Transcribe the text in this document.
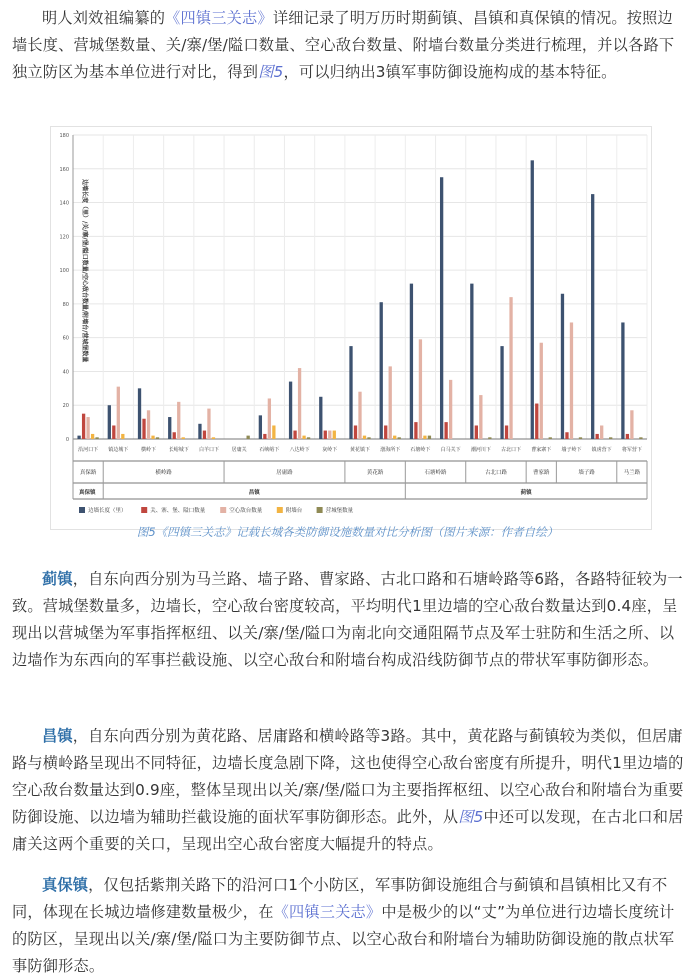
明人刘效祖编纂的《四镇三关志》详细记录了明万历时期蓟镇、昌镇和真保镇的情况。按照边墙长度、营城堡数量、关/寨/堡/隘口数量、空心敌台数量、附墙台数量分类进行梳理，并以各路下独立防区为基本单位进行对比，得到图5，可以归纳出3镇军事防御设施构成的基本特征。

0
20
40
60
80
100
120
140
160
180
边墙长度（里）/关/寨/堡/隘口数量/空心敌台数量/附墙台/营城堡数量
沿河口下 镇边城下	横岭下	长峪城下 白羊口下	居庸关	石峡峪下 八达岭下	灰岭下	黄花镇下 渤海所下 石塘岭下 白马关下 潮河川下 古北口下 曹家寨下 墙子岭下 镇虏营下 将军营下
真保路	横岭路	居庸路	黄花路	石塘岭路	古北口路	曹家路	墙子路	马兰路
真保镇	昌镇	蓟镇
边墙长度（里）	关、寨、堡、隘口数量	空心敌台数量	附墙台	营城堡数量
图5《四镇三关志》记载长城各类防御设施数量对比分析图（图片来源：作者自绘）

蓟镇，自东向西分别为马兰路、墙子路、曹家路、古北口路和石塘岭路等6路，各路特征较为一致。营城堡数量多，边墙长，空心敌台密度较高，平均明代1里边墙的空心敌台数量达到0.4座，呈现出以营城堡为军事指挥枢纽、以关/寨/堡/隘口为南北向交通阻隔节点及军士驻防和生活之所、以边墙作为东西向的军事拦截设施、以空心敌台和附墙台构成沿线防御节点的带状军事防御形态。

昌镇，自东向西分别为黄花路、居庸路和横岭路等3路。其中，黄花路与蓟镇较为类似，但居庸路与横岭路呈现出不同特征，边墙长度急剧下降，这也使得空心敌台密度有所提升，明代1里边墙的空心敌台数量达到0.9座，整体呈现出以关/寨/堡/隘口为主要指挥枢纽、以空心敌台和附墙台为重要防御设施、以边墙为辅助拦截设施的面状军事防御形态。此外，从图5中还可以发现，在古北口和居庸关这两个重要的关口，呈现出空心敌台密度大幅提升的特点。

真保镇，仅包括紫荆关路下的沿河口1个小防区，军事防御设施组合与蓟镇和昌镇相比又有不同，体现在长城边墙修建数量极少，在《四镇三关志》中是极少的以“丈”为单位进行边墙长度统计的防区，呈现出以关/寨/堡/隘口为主要防御节点、以空心敌台和附墙台为辅助防御设施的散点状军事防御形态。
